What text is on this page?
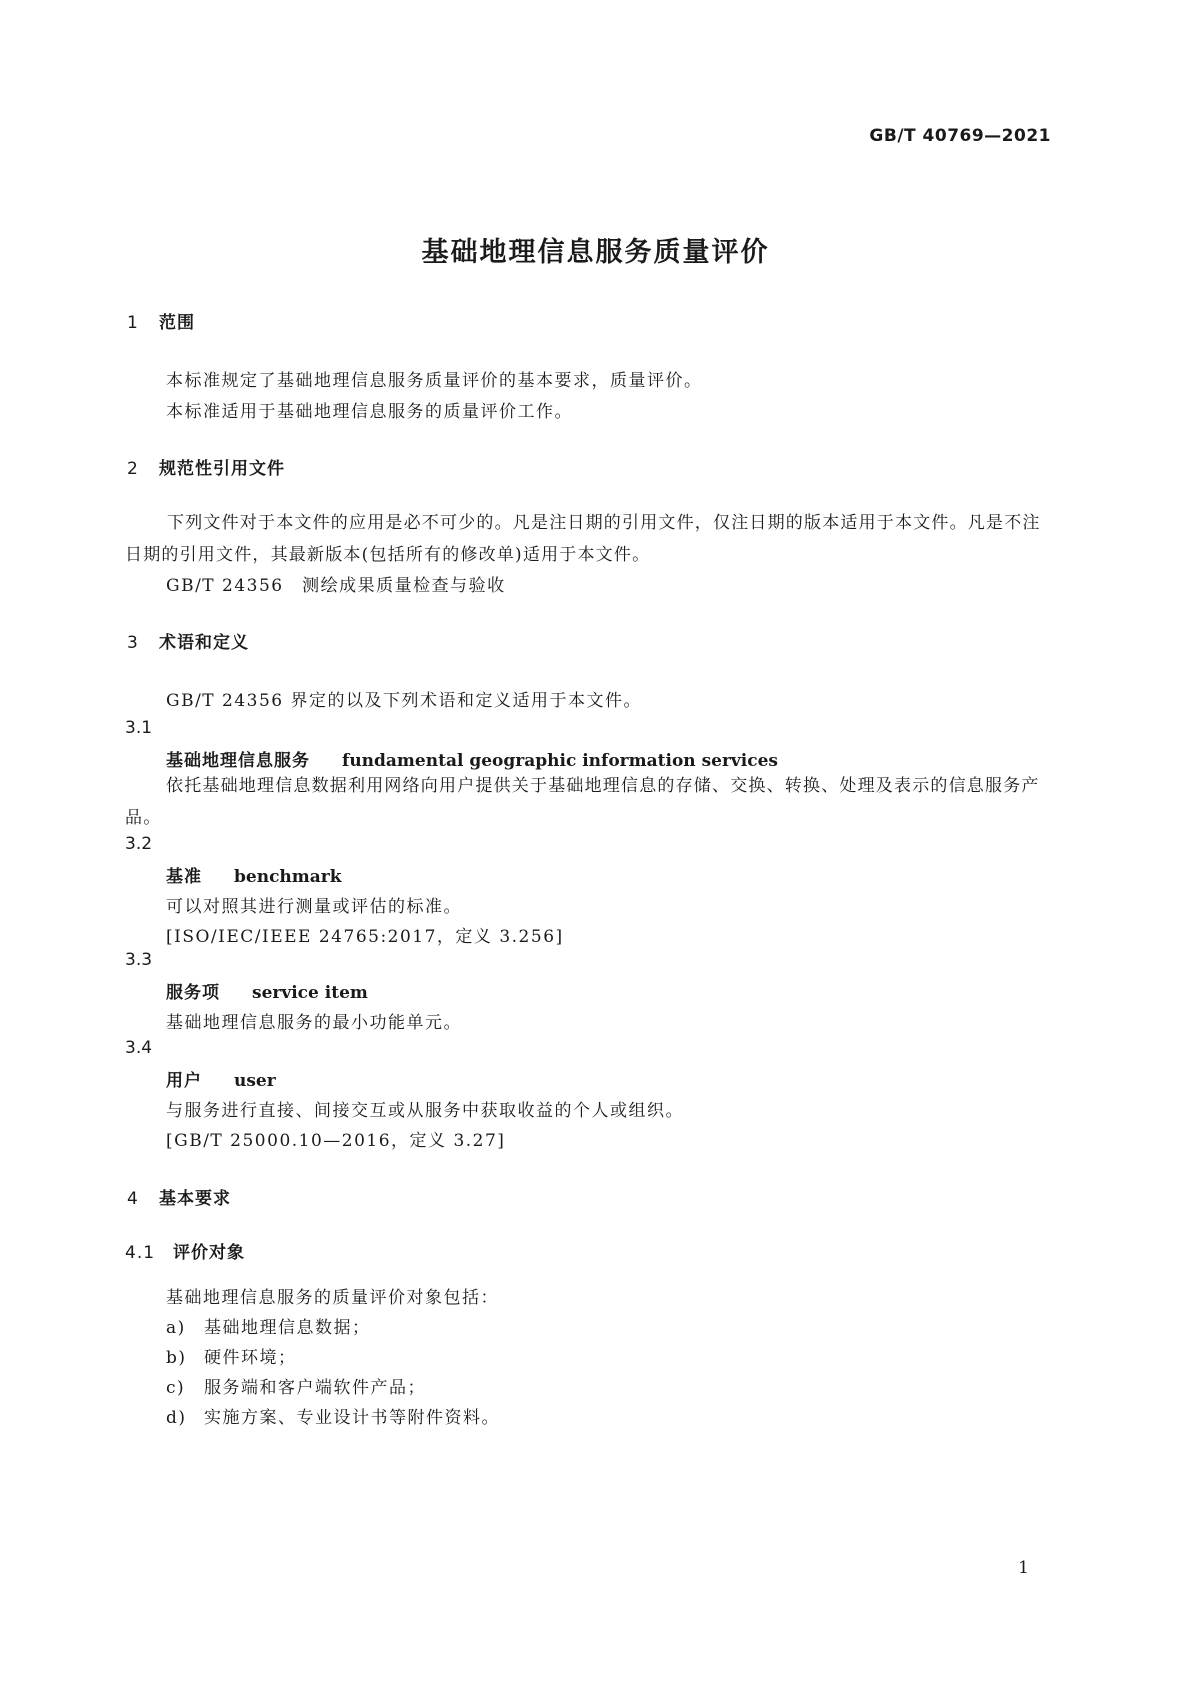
GB/T 40769—2021
基础地理信息服务质量评价
1 范围
本标准规定了基础地理信息服务质量评价的基本要求，质量评价。
本标准适用于基础地理信息服务的质量评价工作。
2 规范性引用文件
下列文件对于本文件的应用是必不可少的。凡是注日期的引用文件，仅注日期的版本适用于本文件。凡是不注日期的引用文件，其最新版本(包括所有的修改单)适用于本文件。
GB/T 24356　测绘成果质量检查与验收
3 术语和定义
GB/T 24356 界定的以及下列术语和定义适用于本文件。
3.1
基础地理信息服务 fundamental geographic information services
依托基础地理信息数据利用网络向用户提供关于基础地理信息的存储、交换、转换、处理及表示的信息服务产品。
3.2
基准 benchmark
可以对照其进行测量或评估的标准。
[ISO/IEC/IEEE 24765:2017，定义 3.256]
3.3
服务项 service item
基础地理信息服务的最小功能单元。
3.4
用户 user
与服务进行直接、间接交互或从服务中获取收益的个人或组织。
[GB/T 25000.10—2016，定义 3.27]
4 基本要求
4.1 评价对象
基础地理信息服务的质量评价对象包括：
a) 基础地理信息数据；
b) 硬件环境；
c) 服务端和客户端软件产品；
d) 实施方案、专业设计书等附件资料。
1
